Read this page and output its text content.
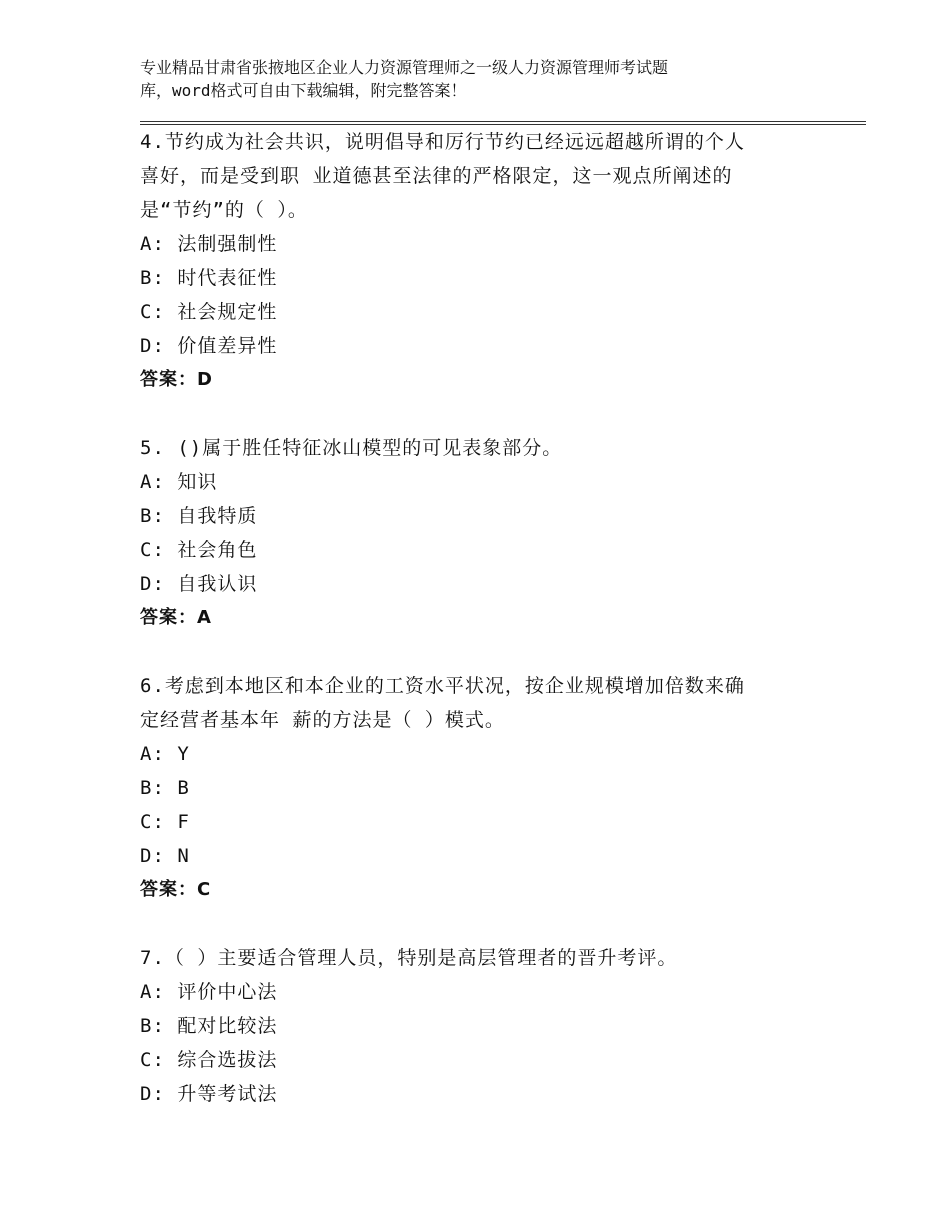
专业精品甘肃省张掖地区企业人力资源管理师之一级人力资源管理师考试题
库，word格式可自由下载编辑，附完整答案！

4.节约成为社会共识，说明倡导和厉行节约已经远远超越所谓的个人

喜好，而是受到职 业道德甚至法律的严格限定，这一观点所阐述的

是“节约”的（ ）。

A: 法制强制性

B: 时代表征性

C: 社会规定性

D: 价值差异性

答案：D

5. ()属于胜任特征冰山模型的可见表象部分。

A: 知识

B: 自我特质

C: 社会角色

D: 自我认识

答案：A

6.考虑到本地区和本企业的工资水平状况，按企业规模增加倍数来确

定经营者基本年 薪的方法是（ ）模式。

A: Y

B: B

C: F

D: N

答案：C

7.（ ）主要适合管理人员，特别是高层管理者的晋升考评。

A: 评价中心法

B: 配对比较法

C: 综合选拔法

D: 升等考试法
